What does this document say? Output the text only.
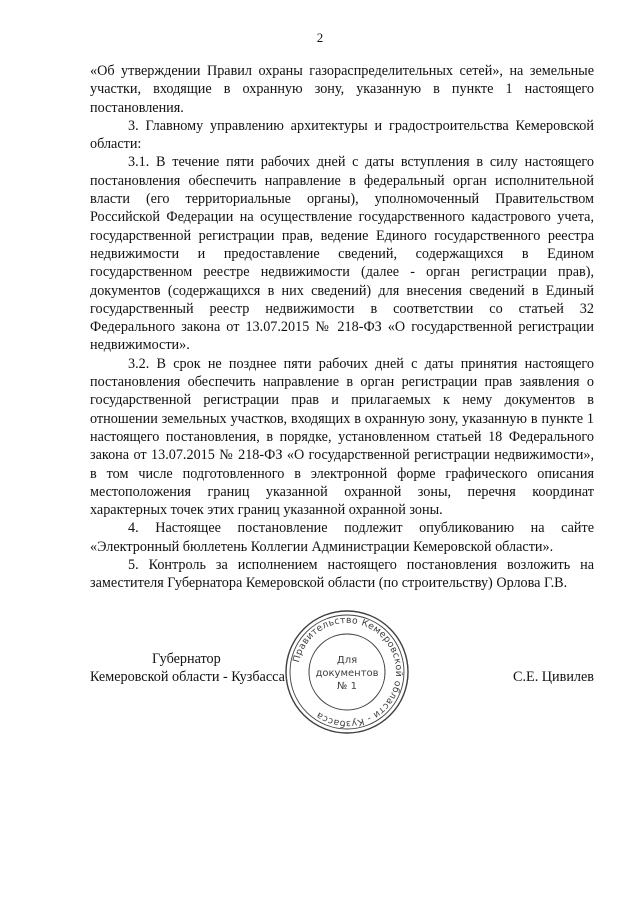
2

«Об утверждении Правил охраны газораспределительных сетей», на земельные участки, входящие в охранную зону, указанную в пункте 1 настоящего постановления.

3. Главному управлению архитектуры и градостроительства Кемеровской области:

3.1. В течение пяти рабочих дней с даты вступления в силу настоящего постановления обеспечить направление в федеральный орган исполнительной власти (его территориальные органы), уполномоченный Правительством Российской Федерации на осуществление государственного кадастрового учета, государственной регистрации прав, ведение Единого государственного реестра недвижимости и предоставление сведений, содержащихся в Едином государственном реестре недвижимости (далее - орган регистрации прав), документов (содержащихся в них сведений) для внесения сведений в Единый государственный реестр недвижимости в соответствии со статьей 32 Федерального закона от 13.07.2015 № 218-ФЗ «О государственной регистрации недвижимости».

3.2. В срок не позднее пяти рабочих дней с даты принятия настоящего постановления обеспечить направление в орган регистрации прав заявления о государственной регистрации прав и прилагаемых к нему документов в отношении земельных участков, входящих в охранную зону, указанную в пункте 1 настоящего постановления, в порядке, установленном статьей 18 Федерального закона от 13.07.2015 № 218-ФЗ «О государственной регистрации недвижимости», в том числе подготовленного в электронной форме графического описания местоположения границ указанной охранной зоны, перечня координат характерных точек этих границ указанной охранной зоны.

4. Настоящее постановление подлежит опубликованию на сайте «Электронный бюллетень Коллегии Администрации Кемеровской области».

5. Контроль за исполнением настоящего постановления возложить на заместителя Губернатора Кемеровской области (по строительству) Орлова Г.В.

Губернатор
Кемеровской области - Кузбасса	С.Е. Цивилев
Правительство Кемеровской области - Кузбасса
Для
документов
№ 1
